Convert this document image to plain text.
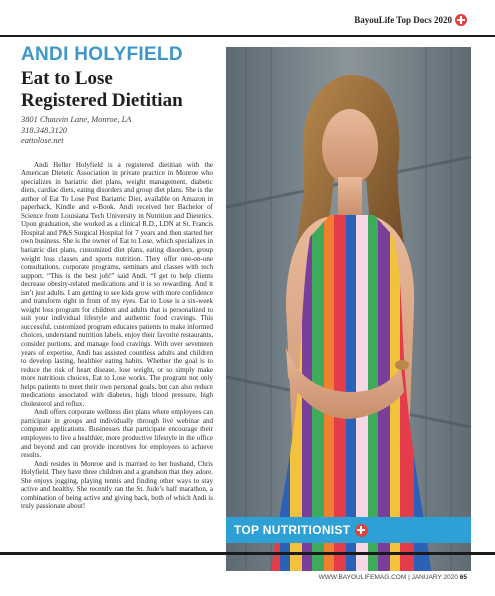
BayouLife Top Docs 2020
ANDI HOLYFIELD
Eat to Lose
Registered Dietitian
3801 Chauvin Lane, Monroe, LA
318.348.3120
eattolose.net

Andi Heller Holyfield is a registered dietitian with the American Dietetic Association in private practice in Monroe who specializes in bariatric diet plans, weight management, diabetic diets, cardiac diets, eating disorders and group diet plans. She is the author of Eat To Lose Post Bariatric Diet, available on Amazon in paperback, Kindle and e-Book. Andi received her Bachelor of Science from Louisiana Tech University in Nutrition and Dietetics. Upon graduation, she worked as a clinical R.D., LDN at St. Francis Hospital and P&S Surgical Hospital for 7 years and then started her own business. She is the owner of Eat to Lose, which specializes in bariatric diet plans, customized diet plans, eating disorders, group weight loss classes and sports nutrition. They offer one-on-one consultations, corporate programs, seminars and classes with tech support. “This is the best job!” said Andi. “I get to help clients decrease obesity-related medications and it is so rewarding. And it isn’t just adults. I am getting to see kids grow with more confidence and transform right in front of my eyes. Eat to Lose is a six-week weight loss program for children and adults that is personalized to suit your individual lifestyle and authentic food cravings. This successful, customized program educates patients to make informed choices, understand nutrition labels, enjoy their favorite restaurants, consider portions, and manage food cravings. With over seventeen years of expertise, Andi has assisted countless adults and children to develop lasting, healthier eating habits. Whether the goal is to reduce the risk of heart disease, lose weight, or so simply make more nutritious choices, Eat to Lose works. The program not only helps patients to meet their own personal goals, but can also reduce medications associated with diabetes, high blood pressure, high cholesterol and reflux.

Andi offers corporate wellness diet plans where employees can participate in groups and individually through live webinar and computer applications. Businesses that participate encourage their employees to live a healthier, more productive lifestyle in the office and beyond and can provide incentives for employees to achieve results.

Andi resides in Monroe and is married to her husband, Chris Holyfield. They have three children and a grandson that they adore. She enjoys jogging, playing tennis and finding other ways to stay active and healthy. She recently ran the St. Jude’s half marathon, a combination of being active and giving back, both of which Andi is truly passionate about!

TOP NUTRITIONIST
WWW.BAYOULIFEMAG.COM | JANUARY 2020 65
